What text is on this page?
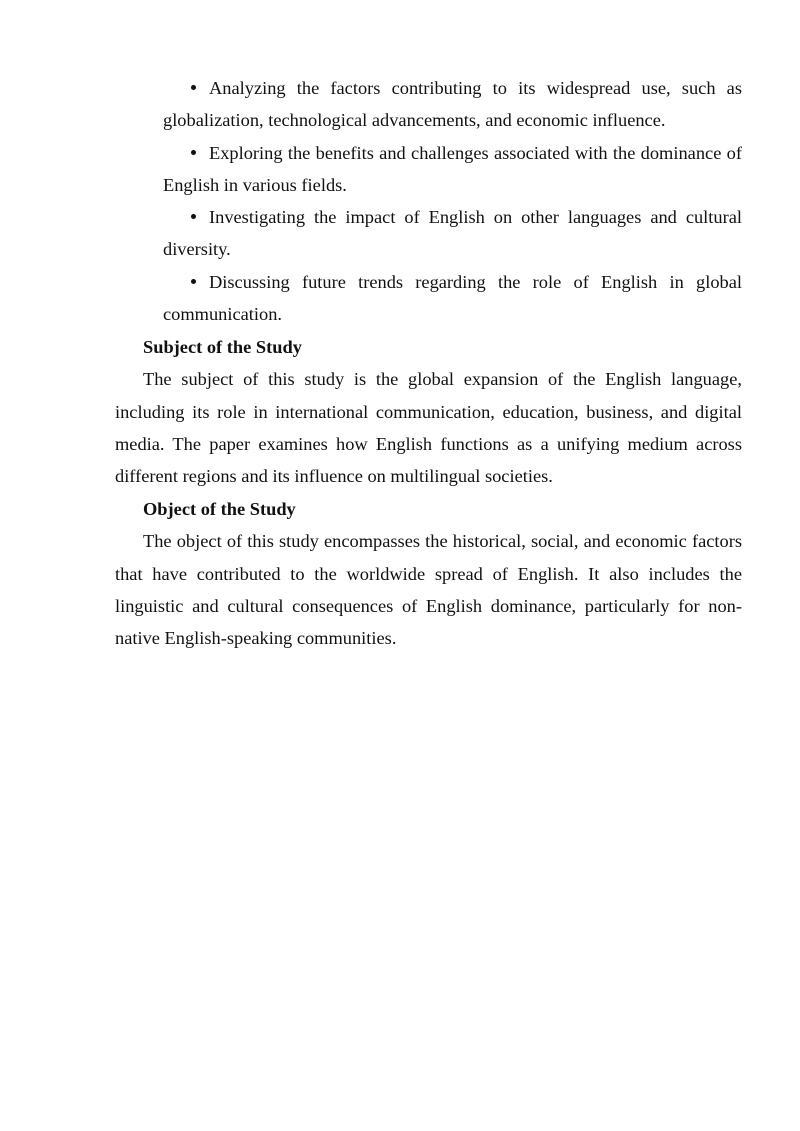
Analyzing the factors contributing to its widespread use, such as globalization, technological advancements, and economic influence.
Exploring the benefits and challenges associated with the dominance of English in various fields.
Investigating the impact of English on other languages and cultural diversity.
Discussing future trends regarding the role of English in global communication.

Subject of the Study

The subject of this study is the global expansion of the English language, including its role in international communication, education, business, and digital media. The paper examines how English functions as a unifying medium across different regions and its influence on multilingual societies.

Object of the Study

The object of this study encompasses the historical, social, and economic factors that have contributed to the worldwide spread of English. It also includes the linguistic and cultural consequences of English dominance, particularly for non-native English-speaking communities.
